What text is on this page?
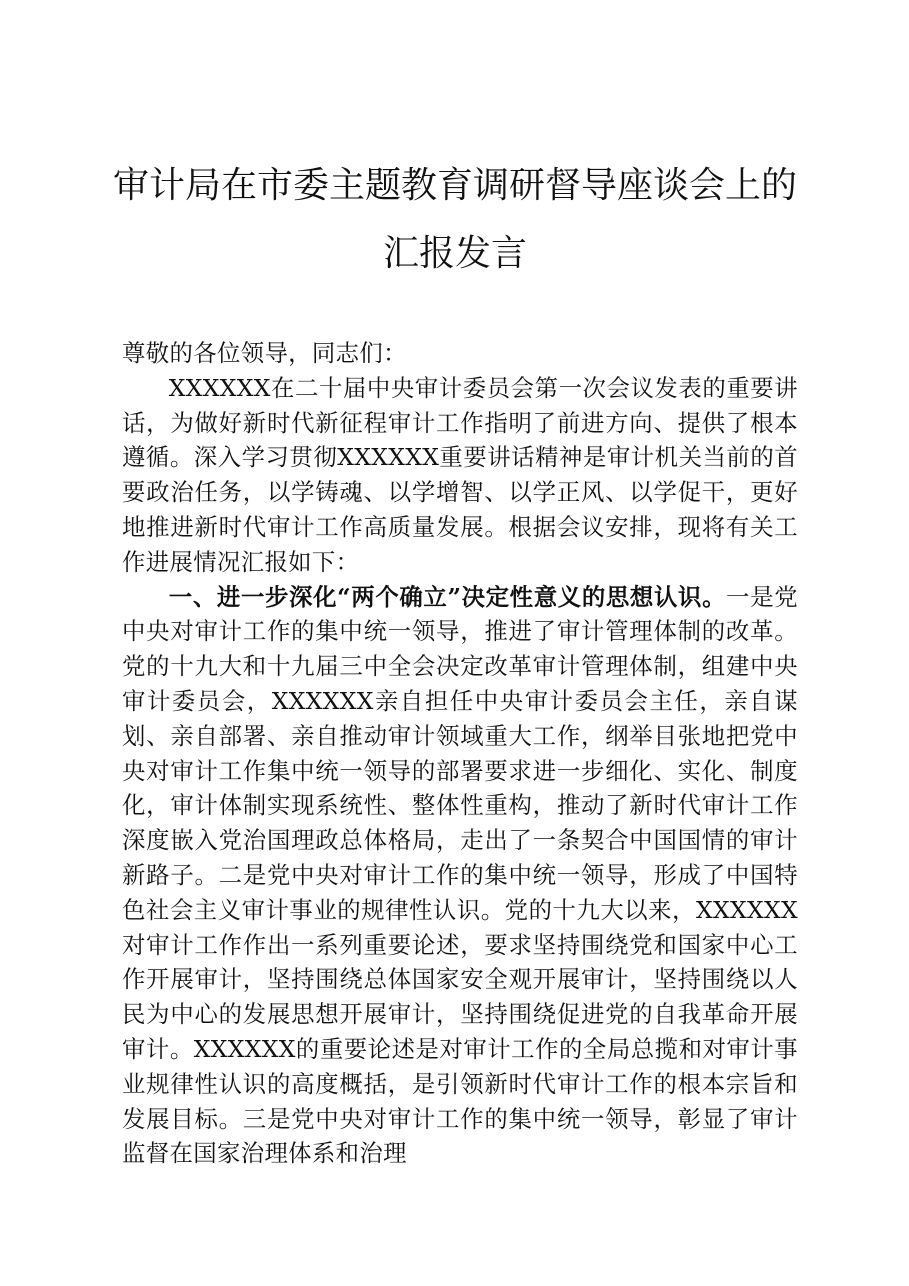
审计局在市委主题教育调研督导座谈会上的汇报发言

尊敬的各位领导，同志们：

XXXXXX在二十届中央审计委员会第一次会议发表的重要讲话，为做好新时代新征程审计工作指明了前进方向、提供了根本遵循。深入学习贯彻XXXXXX重要讲话精神是审计机关当前的首要政治任务，以学铸魂、以学增智、以学正风、以学促干，更好地推进新时代审计工作高质量发展。根据会议安排，现将有关工作进展情况汇报如下：

一、进一步深化“两个确立”决定性意义的思想认识。一是党中央对审计工作的集中统一领导，推进了审计管理体制的改革。党的十九大和十九届三中全会决定改革审计管理体制，组建中央审计委员会，XXXXXX亲自担任中央审计委员会主任，亲自谋划、亲自部署、亲自推动审计领域重大工作，纲举目张地把党中央对审计工作集中统一领导的部署要求进一步细化、实化、制度化，审计体制实现系统性、整体性重构，推动了新时代审计工作深度嵌入党治国理政总体格局，走出了一条契合中国国情的审计新路子。二是党中央对审计工作的集中统一领导，形成了中国特色社会主义审计事业的规律性认识。党的十九大以来，XXXXXX对审计工作作出一系列重要论述，要求坚持围绕党和国家中心工作开展审计，坚持围绕总体国家安全观开展审计，坚持围绕以人民为中心的发展思想开展审计，坚持围绕促进党的自我革命开展审计。XXXXXX的重要论述是对审计工作的全局总揽和对审计事业规律性认识的高度概括，是引领新时代审计工作的根本宗旨和发展目标。三是党中央对审计工作的集中统一领导，彰显了审计监督在国家治理体系和治理
